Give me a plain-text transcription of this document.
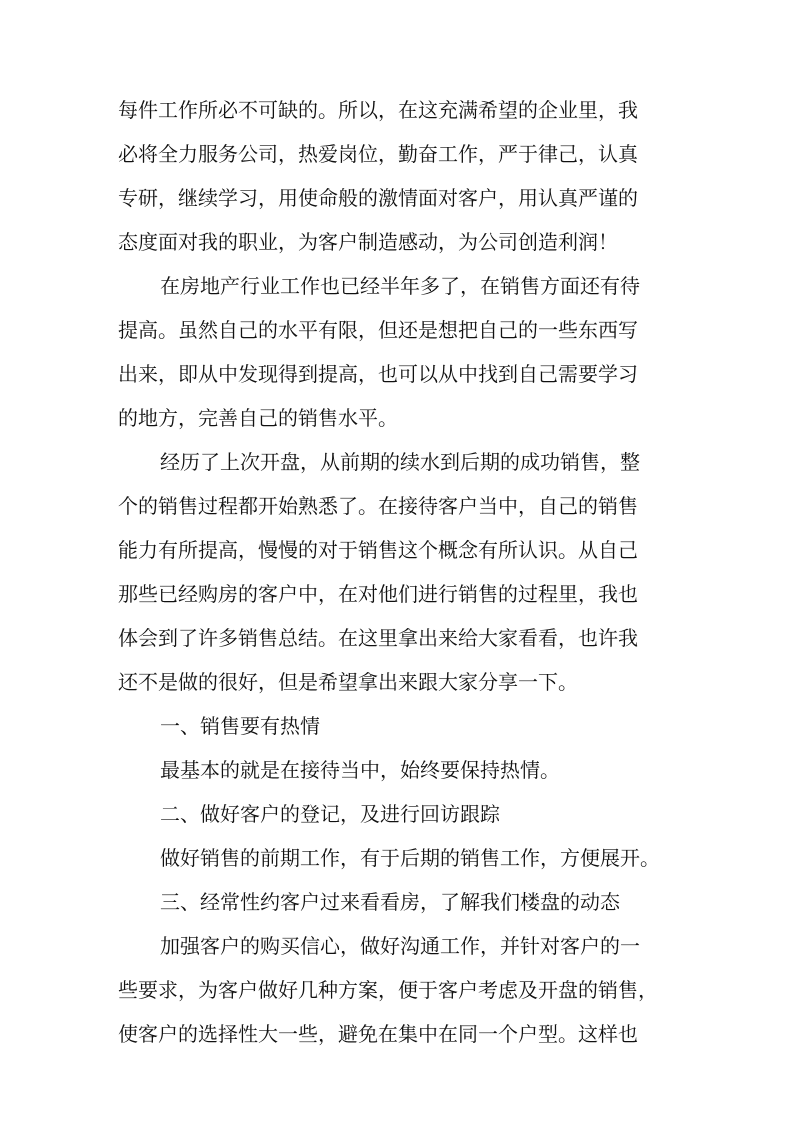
每件工作所必不可缺的。所以，在这充满希望的企业里，我
必将全力服务公司，热爱岗位，勤奋工作，严于律己，认真
专研，继续学习，用使命般的激情面对客户，用认真严谨的
态度面对我的职业，为客户制造感动，为公司创造利润！
在房地产行业工作也已经半年多了，在销售方面还有待
提高。虽然自己的水平有限，但还是想把自己的一些东西写
出来，即从中发现得到提高，也可以从中找到自己需要学习
的地方，完善自己的销售水平。
经历了上次开盘，从前期的续水到后期的成功销售，整
个的销售过程都开始熟悉了。在接待客户当中，自己的销售
能力有所提高，慢慢的对于销售这个概念有所认识。从自己
那些已经购房的客户中，在对他们进行销售的过程里，我也
体会到了许多销售总结。在这里拿出来给大家看看，也许我
还不是做的很好，但是希望拿出来跟大家分享一下。
一、销售要有热情
最基本的就是在接待当中，始终要保持热情。
二、做好客户的登记，及进行回访跟踪
做好销售的前期工作，有于后期的销售工作，方便展开。
三、经常性约客户过来看看房，了解我们楼盘的动态
加强客户的购买信心，做好沟通工作，并针对客户的一
些要求，为客户做好几种方案，便于客户考虑及开盘的销售，
使客户的选择性大一些，避免在集中在同一个户型。这样也
